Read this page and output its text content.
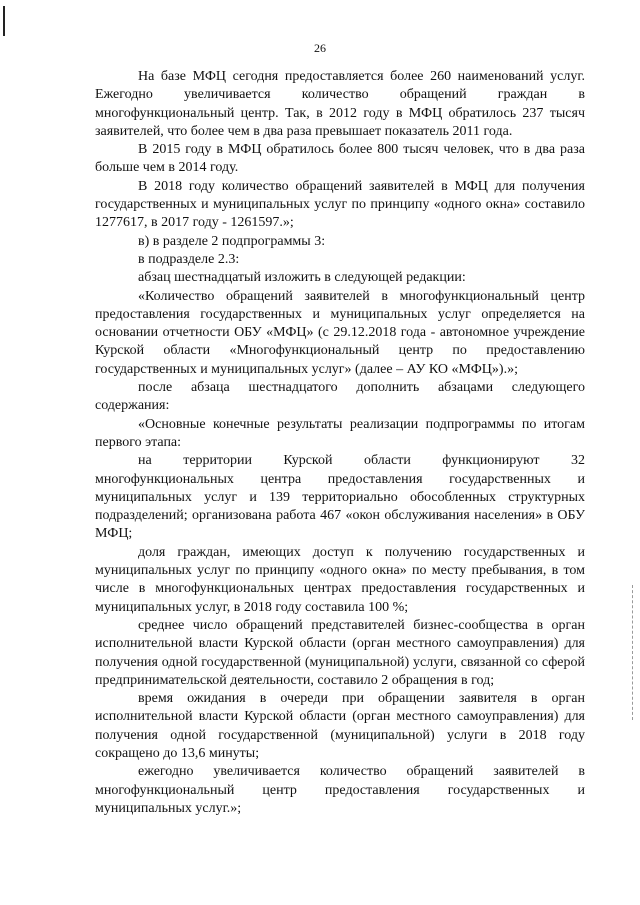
26

На базе МФЦ сегодня предоставляется более 260 наименований услуг. Ежегодно увеличивается количество обращений граждан в многофункциональный центр. Так, в 2012 году в МФЦ обратилось 237 тысяч заявителей, что более чем в два раза превышает показатель 2011 года.

В 2015 году в МФЦ обратилось более 800 тысяч человек, что в два раза больше чем в 2014 году.

В 2018 году количество обращений заявителей в МФЦ для получения государственных и муниципальных услуг по принципу «одного окна» составило 1277617, в 2017 году - 1261597.»;

в) в разделе 2 подпрограммы 3:

в подразделе 2.3:

абзац шестнадцатый изложить в следующей редакции:

«Количество обращений заявителей в многофункциональный центр предоставления государственных и муниципальных услуг определяется на основании отчетности ОБУ «МФЦ» (с 29.12.2018 года - автономное учреждение Курской области «Многофункциональный центр по предоставлению государственных и муниципальных услуг» (далее – АУ КО «МФЦ»).»;

после абзаца шестнадцатого дополнить абзацами следующего содержания:

«Основные конечные результаты реализации подпрограммы по итогам первого этапа:

на территории Курской области функционируют 32 многофункциональных центра предоставления государственных и муниципальных услуг и 139 территориально обособленных структурных подразделений; организована работа 467 «окон обслуживания населения» в ОБУ МФЦ;

доля граждан, имеющих доступ к получению государственных и муниципальных услуг по принципу «одного окна» по месту пребывания, в том числе в многофункциональных центрах предоставления государственных и муниципальных услуг, в 2018 году составила 100 %;

среднее число обращений представителей бизнес-сообщества в орган исполнительной власти Курской области (орган местного самоуправления) для получения одной государственной (муниципальной) услуги, связанной со сферой предпринимательской деятельности, составило 2 обращения в год;

время ожидания в очереди при обращении заявителя в орган исполнительной власти Курской области (орган местного самоуправления) для получения одной государственной (муниципальной) услуги в 2018 году сокращено до 13,6 минуты;

ежегодно увеличивается количество обращений заявителей в многофункциональный центр предоставления государственных и муниципальных услуг.»;
